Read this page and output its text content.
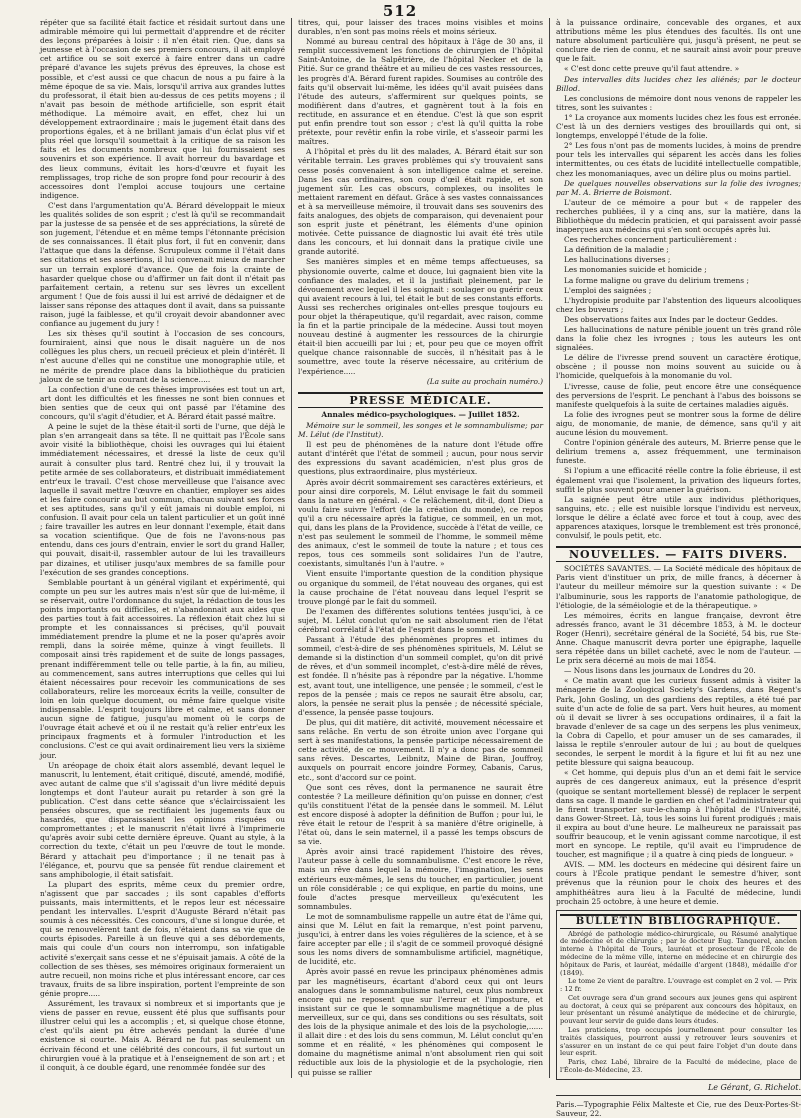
512

répéter que sa facilité était factice et résidait surtout dans une admirable mémoire qui lui permettait d'apprendre et de réciter des leçons préparées à loisir : il n'en était rien. Que, dans sa jeunesse et à l'occasion de ses premiers concours, il ait employé cet artifice ou se soit exercé à faire entrer dans un cadre préparé d'avance les sujets prévus des épreuves, la chose est possible, et c'est aussi ce que chacun de nous a pu faire à la même époque de sa vie. Mais, lorsqu'il arriva aux grandes luttes du professorat, il était bien au-dessus de ces petits moyens ; il n'avait pas besoin de méthode artificielle, son esprit était méthodique. La mémoire avait, en effet, chez lui un développement extraordinaire ; mais le jugement était dans des proportions égales, et à ne brillant jamais d'un éclat plus vif et plus réel que lorsqu'il soumettait à la critique de sa raison les faits et les documents nombreux que lui fournissaient ses souvenirs et son expérience. Il avait horreur du bavardage et des lieux communs, évitait les hors-d'œuvre et fuyait les remplissages, trop riche de son propre fond pour recourir à des accessoires dont l'emploi accuse toujours une certaine indigence.

C'est dans l'argumentation qu'A. Bérard développait le mieux les qualités solides de son esprit ; c'est là qu'il se recommandait par la justesse de sa pensée et de ses appréciations, la sûreté de son jugement, l'étendue et en même temps l'étonnante précision de ses connaissances. Il était plus fort, il fut en convenir, dans l'attaque que dans la défense. Scrupuleux comme il l'était dans ses citations et ses assertions, il lui convenait mieux de marcher sur un terrain exploré d'avance. Que de fois la crainte de hasarder quelque chose ou d'affirmer un fait dont il n'était pas parfaitement certain, a retenu sur ses lèvres un excellent argument ! Que de fois aussi il lui est arrivé de dédaigner et de laisser sans réponse des attaques dont il avait, dans sa puissante raison, jugé la faiblesse, et qu'il croyait devoir abandonner avec confiance au jugement du jury !

Les six thèses qu'il soutint à l'occasion de ses concours, fourniraient, ainsi que nous le disait naguère un de nos collègues les plus chers, un recueil précieux et plein d'intérêt. Il n'est aucune d'elles qui ne constitue une monographie utile, et ne mérite de prendre place dans la bibliothèque du praticien jaloux de se tenir au courant de la science.....

La confection d'une de ces thèses improvisées est tout un art, art dont les difficultés et les finesses ne sont bien connues et bien senties que de ceux qui ont passé par l'étamine des concours, qu'il s'agit d'étudier, et A. Bérard était passé maître.

A peine le sujet de la thèse était-il sorti de l'urne, que déjà le plan s'en arrangeait dans sa tête. Il ne quittait pas l'École sans avoir visité la bibliothèque, choisi les ouvrages qui lui étaient immédiatement nécessaires, et dressé la liste de ceux qu'il aurait à consulter plus tard. Rentré chez lui, il y trouvait la petite armée de ses collaborateurs, et distribuait immédiatement entr'eux le travail. C'est chose merveilleuse que l'aisance avec laquelle il savait mettre l'œuvre en chantier, employer ses aides et les faire concourir au but commun, chacun suivant ses forces et ses aptitudes, sans qu'il y eût jamais ni double emploi, ni confusion. Il avait pour cela un talent particulier et un goût inné ; faire travailler les autres en leur donnant l'exemple, était dans sa vocation scientifique. Que de fois ne l'avons-nous pas entendu, dans ces jours d'entrain, envier le sort du grand Haller, qui pouvait, disait-il, rassembler autour de lui les travailleurs par dizaines, et utiliser jusqu'aux membres de sa famille pour l'exécution de ses grandes conceptions.

Semblable pourtant à un général vigilant et expérimenté, qui compte un peu sur les autres mais n'est sûr que de lui-même, il se réservait, outre l'ordonnance du sujet, la rédaction de tous les points importants ou difficiles, et n'abandonnait aux aides que des parties tout à fait accessoires. La réflexion était chez lui si prompte et les connaissances si précises, qu'il pouvait immédiatement prendre la plume et ne la poser qu'après avoir rempli, dans la soirée même, quinze à vingt feuillets. Il composait ainsi très rapidement et de suite de longs passages, prenant indifféremment telle ou telle partie, à la fin, au milieu, au commencement, sans autres interruptions que celles qui lui étaient nécessaires pour recevoir les communications de ses collaborateurs, relire les morceaux écrits la veille, consulter de loin en loin quelque document, ou même faire quelque visite indispensable. L'esprit toujours libre et calme, et sans donner aucun signe de fatigue, jusqu'au moment où le corps de l'ouvrage était achevé et où il ne restait qu'à relier entr'eux les principaux fragments et à formuler l'introduction et les conclusions. C'est ce qui avait ordinairement lieu vers la sixième jour.

Un aréopage de choix était alors assemblé, devant lequel le manuscrit, lu lentement, était critiqué, discuté, amendé, modifié, avec autant de calme que s'il s'agissait d'un livre médité depuis longtemps et dont l'auteur aurait pu retarder à son gré la publication. C'est dans cette séance que s'éclaircissaient les pensées obscures, que se rectifiaient les jugements faux ou hasardés, que disparaissaient les opinions risquées ou compromettantes ; et le manuscrit n'était livré à l'imprimerie qu'après avoir subi cette dernière épreuve. Quant au style, à la correction du texte, c'était un peu l'œuvre de tout le monde. Bérard y attachait peu d'importance ; il ne tenait pas à l'élégance, et, pourvu que sa pensée fût rendue clairement et sans amphibologie, il était satisfait.

La plupart des esprits, même ceux du premier ordre, n'agissent que par saccades ; ils sont capables d'efforts puissants, mais intermittents, et le repos leur est nécessaire pendant les intervalles. L'esprit d'Auguste Bérard n'était pas soumis à ces nécessités. Ces concours, d'une si longue durée, et qui se renouvelèrent tant de fois, n'étaient dans sa vie que de courts épisodes. Pareille à un fleuve qui a ses débordements, mais qui coule d'un cours non interrompu, son infatigable activité s'exerçait sans cesse et ne s'épuisait jamais. A côté de la collection de ses thèses, ses mémoires originaux formeraient un autre recueil, non moins riche et plus intéressant encore, car ces travaux, fruits de sa libre inspiration, portent l'empreinte de son génie propre.....

Assurément, les travaux si nombreux et si importants que je viens de passer en revue, eussent été plus que suffisants pour illustrer celui qui les a accomplis ; et, si quelque chose étonne, c'est qu'ils aient pu être achevés pendant la durée d'une existence si courte. Mais A. Bérard ne fut pas seulement un écrivain fécond et une célébrité des concours, il fut surtout un chirurgien voué à la pratique et à l'enseignement de son art ; et il conquit, à ce double égard, une renommée fondée sur des

titres, qui, pour laisser des traces moins visibles et moins durables, n'en sont pas moins réels et moins sérieux.

Nommé au bureau central des hôpitaux à l'âge de 30 ans, il remplit successivement les fonctions de chirurgien de l'hôpital Saint-Antoine, de la Salpêtrière, de l'hôpital Necker et de la Pitié. Sur ce grand théâtre et au milieu de ces vastes ressources, les progrès d'A. Bérard furent rapides. Soumises au contrôle des faits qu'il observait lui-même, les idées qu'il avait puisées dans l'étude des auteurs, s'affermirent sur quelques points, se modifièrent dans d'autres, et gagnèrent tout à la fois en rectitude, en assurance et en étendue. C'est là que son esprit put enfin prendre tout son essor ; c'est là qu'il quitta la robe prétexte, pour revêtir enfin la robe virile, et s'asseoir parmi les maîtres.

A l'hôpital et près du lit des malades, A. Bérard était sur son véritable terrain. Les graves problèmes qui s'y trouvaient sans cesse posés convenaient à son intelligence calme et sereine. Dans les cas ordinaires, son coup d'œil était rapide, et son jugement sûr. Les cas obscurs, complexes, ou insolites le mettaient rarement en défaut. Grâce à ses vastes connaissances et à sa merveilleuse mémoire, il trouvait dans ses souvenirs des faits analogues, des objets de comparaison, qui devenaient pour son esprit juste et pénétrant, les éléments d'une opinion motivée. Cette puissance de diagnostic lui avait été très utile dans les concours, et lui donnait dans la pratique civile une grande autorité.

Ses manières simples et en même temps affectueuses, sa physionomie ouverte, calme et douce, lui gagnaient bien vite la confiance des malades, et il la justifiait pleinement, par le dévouement avec lequel il les soignait : soulager ou guérir ceux qui avaient recours à lui, tel était le but de ses constants efforts. Aussi ses recherches originales ont-elles presque toujours eu pour objet la thérapeutique, qu'il regardait, avec raison, comme la fin et la partie principale de la médecine. Aussi tout moyen nouveau destiné à augmenter les ressources de la chirurgie était-il bien accueilli par lui ; et, pour peu que ce moyen offrît quelque chance raisonnable de succès, il n'hésitait pas à le soumettre, avec toute la réserve nécessaire, au critérium de l'expérience.....

(La suite au prochain numéro.)
PRESSE MÉDICALE.
Annales médico-psychologiques. — Juillet 1852.

Mémoire sur le sommeil, les songes et le somnambulisme; par M. Lélut (de l'Institut).

Il est peu de phénomènes de la nature dont l'étude offre autant d'intérêt que l'état de sommeil ; aucun, pour nous servir des expressions du savant académicien, n'est plus gros de questions, plus extraordinaire, plus mystérieux.

Après avoir décrit sommairement ses caractères extérieurs, et pour ainsi dire corporels, M. Lélut envisage le fait du sommeil dans la nature en général. « Ce relâchement, dit-il, dont Dieu a voulu faire suivre l'effort (de la création du monde), ce repos qu'il a cru nécessaire après la fatigue, ce sommeil, en un mot, qui, dans les plans de la Providence, succède à l'état de veille, ce n'est pas seulement le sommeil de l'homme, le sommeil même des animaux, c'est le sommeil de toute la nature ; et tous ces repos, tous ces sommeils sont solidaires l'un de l'autre, coexistants, simultanés l'un à l'autre. »

Vient ensuite l'importante question de la condition physique ou organique du sommeil, de l'état nouveau des organes, qui est la cause prochaine de l'état nouveau dans lequel l'esprit se trouve plongé par le fait du sommeil.

De l'examen des différentes solutions tentées jusqu'ici, à ce sujet, M. Lélut conclut qu'on ne sait absolument rien de l'état cérébral corrélatif à l'état de l'esprit dans le sommeil.

Passant à l'étude des phénomènes propres et intimes du sommeil, c'est-à-dire de ses phénomènes spirituels, M. Lélut se demande si la distinction d'un sommeil complet, qu'on dit privé de rêves, et d'un sommeil incomplet, c'est-à-dire mêlé de rêves, est fondée. Il n'hésite pas à répondre par la négative. L'homme est, avant tout, une intelligence, une pensée ; le sommeil, c'est le repos de la pensée ; mais ce repos ne saurait être absolu, car, alors, la pensée ne serait plus la pensée ; de nécessité spéciale, d'essence, la pensée passe toujours.

De plus, qui dit matière, dit activité, mouvement nécessaire et sans relâche. En vertu de son étroite union avec l'organe qui sert à ses manifestations, la pensée participe nécessairement de cette activité, de ce mouvement. Il n'y a donc pas de sommeil sans rêves. Descartes, Leibnitz, Maine de Biran, Jouffroy, auxquels on pourrait encore joindre Formey, Cabanis, Carus, etc., sont d'accord sur ce point.

Que sont ces rêves, dont la permanence ne saurait être contestée ? La meilleure définition qu'on puisse en donner, c'est qu'ils constituent l'état de la pensée dans le sommeil. M. Lélut est encore disposé à adopter la définition de Buffon ; pour lui, le rêve était le retour de l'esprit à sa manière d'être originelle, à l'état où, dans le sein maternel, il a passé les temps obscurs de sa vie.

Après avoir ainsi tracé rapidement l'histoire des rêves, l'auteur passe à celle du somnambulisme. C'est encore le rêve, mais un rêve dans lequel la mémoire, l'imagination, les sens extérieurs eux-mêmes, le sens du toucher, en particulier, jouent un rôle considérable ; ce qui explique, en partie du moins, une foule d'actes presque merveilleux qu'exécutent les somnambules.

Le mot de somnambulisme rappelle un autre état de l'âme qui, ainsi que M. Lélut en fait la remarque, n'est point parvenu, jusqu'ici, à entrer dans les voies régulières de la science, et à se faire accepter par elle ; il s'agit de ce sommeil provoqué désigné sous les noms divers de somnambulisme artificiel, magnétique, de lucidité, etc.

Après avoir passé en revue les principaux phénomènes admis par les magnétiseurs, écartant d'abord ceux qui ont leurs analogues dans le somnambulisme naturel, ceux plus nombreux encore qui ne reposent que sur l'erreur et l'imposture, et insistant sur ce que le somnambulisme magnétique a de plus merveilleux, sur ce qui, dans ses conditions ou ses résultats, soit des lois de la physique animale et des lois de la psychologie,...... il allait dire : et des lois du sens commun, M. Lélut conclut qu'en somme et en réalité, « les phénomènes qui composent le domaine du magnétisme animal n'ont absolument rien qui soit réductible aux lois de la physiologie et de la psychologie, rien qui puisse se rallier

à la puissance ordinaire, concevable des organes, et aux attributions même les plus étendues des facultés. Ils ont une nature absolument particulière qui, jusqu'à présent, ne peut se conclure de rien de connu, et ne saurait ainsi avoir pour preuve que le fait.

« C'est donc cette preuve qu'il faut attendre. »

Des intervalles dits lucides chez les aliénés; par le docteur Billod.

Les conclusions de mémoire dont nous venons de rappeler les titres, sont les suivantes :

1° La croyance aux moments lucides chez les fous est erronée. C'est là un des derniers vestiges des brouillards qui ont, si longtemps, enveloppé l'étude de la folie.

2° Les fous n'ont pas de moments lucides, à moins de prendre pour tels les intervalles qui séparent les accès dans les folies intermittentes, ou ces états de lucidité intellectuelle compatible, chez les monomaniaques, avec un délire plus ou moins partiel.

De quelques nouvelles observations sur la folie des ivrognes; par M. A. Brierre de Boismont.

L'auteur de ce mémoire a pour but « de rappeler des recherches publiées, il y a cinq ans, sur la matière, dans la Bibliothèque du médecin praticien, et qui paraissent avoir passé inaperçues aux médecins qui s'en sont occupés après lui.

Ces recherches concernent particulièrement :

La définition de la maladie ;

Les hallucinations diverses ;

Les monomanies suicide et homicide ;

La forme maligne ou grave du delirium tremens ;

L'emploi des saignées ;

L'hydropisie produite par l'abstention des liqueurs alcooliques chez les buveurs ;

Des observations faites aux Indes par le docteur Geddes.

Les hallucinations de nature pénible jouent un très grand rôle dans la folie chez les ivrognes ; tous les auteurs les ont signalées.

Le délire de l'ivresse prend souvent un caractère érotique, obscène ; il pousse non moins souvent au suicide ou à l'homicide, quelquefois à la monomanie du vol.

L'ivresse, cause de folie, peut encore être une conséquence des perversions de l'esprit. Le penchant à l'abus des boissons se manifeste quelquefois à la suite de certaines maladies aiguës.

La folie des ivrognes peut se montrer sous la forme de délire aigu, de monomanie, de manie, de démence, sans qu'il y ait aucune lésion du mouvement.

Contre l'opinion générale des auteurs, M. Brierre pense que le delirium tremens a, assez fréquemment, une terminaison funeste.

Si l'opium a une efficacité réelle contre la folie ébrieuse, il est également vrai que l'isolement, la privation des liqueurs fortes, suffit le plus souvent pour amener la guérison.

La saignée peut être utile aux individus pléthoriques, sanguins, etc. ; elle est nuisible lorsque l'individu est nerveux, lorsque le délire a éclaté avec force et tout à coup, avec des apparences ataxiques, lorsque le tremblement est très prononcé, convulsif, le pouls petit, etc.

NOUVELLES. — FAITS DIVERS.

SOCIÉTÉS SAVANTES. — La Société médicale des hôpitaux de Paris vient d'instituer un prix, de mille francs, à décerner à l'auteur du meilleur mémoire sur la question suivante : « De l'albuminurie, sous les rapports de l'anatomie pathologique, de l'étiologie, de la séméiologie et de la thérapeutique. »

Les mémoires, écrits en langue française, devront être adressés franco, avant le 31 décembre 1853, à M. le docteur Roger (Henri), secrétaire général de la Société, 54 bis, rue Ste-Anne. Chaque manuscrit devra porter une épigraphe, laquelle sera répétée dans un billet cacheté, avec le nom de l'auteur. — Le prix sera décerné au mois de mai 1854.

— Nous lisons dans les journaux de Londres du 20.

« Ce matin avant que les curieux fussent admis à visiter la ménagerie de la Zoological Society's Gardens, dans Regent's Park, John Gosling, un des gardiens des reptiles, a été tué par suite d'un acte de folie de sa part. Vers huit heures, au moment où il devait se livrer à ses occupations ordinaires, il a fait la bravade d'enlever de sa cage un des serpens les plus venimeux, la Cobra di Capello, et pour amuser un de ses camarades, il laissa le reptile s'enrouler autour de lui ; au bout de quelques secondes, le serpent le mordit à la figure et lui fit au nez une petite blessure qui saigna beaucoup.

« Cet homme, qui depuis plus d'un an et demi fait le service auprès de ces dangereux animaux, eut la présence d'esprit (quoique se sentant mortellement blessé) de replacer le serpent dans sa cage. Il mande le gardien en chef et l'administrateur qui le firent transporter sur-le-champ à l'hôpital de l'Université, dans Gower-Street. Là, tous les soins lui furent prodigués ; mais il expira au bout d'une heure. Le malheureux ne paraissait pas souffrir beaucoup, et le venin agissant comme narcotique, il est mort en syncope. Le reptile, qu'il avait eu l'imprudence de toucher, est magnifique ; il a quatre à cinq pieds de longueur. »

AVIS. — MM. les docteurs en médecine qui désirent faire un cours à l'École pratique pendant le semestre d'hiver, sont prévenus que la réunion pour le choix des heures et des amphithéâtres aura lieu à la Faculté de médecine, lundi prochain 25 octobre, à une heure et demie.

BULLETIN BIBLIOGRAPHIQUE.

Abrégé de pathologie médico-chirurgicale, ou Résumé analytique de médecine et de chirurgie ; par le docteur Eug. Tanquerel, ancien interne à l'hôpital de Tours, lauréat et prosecteur de l'École de médecine de la même ville, interne en médecine et en chirurgie des hôpitaux de Paris, et lauréat, médaille d'argent (1848), médaille d'or (1849).

Le tome 2e vient de paraître. L'ouvrage est complet en 2 vol. — Prix : 12 fr.

Cet ouvrage sera d'un grand secours aux jeunes gens qui aspirent au doctorat, à ceux qui se préparent aux concours des hôpitaux, en leur présentant un résumé analytique de médecine et de chirurgie, pouvant leur servir de guide dans leurs études.

Les praticiens, trop occupés journellement pour consulter les traités classiques, pourront aussi y retrouver leurs souvenirs et s'assurer en un instant de ce qui peut faire l'objet d'un doute dans leur esprit.

Paris, chez Labé, libraire de la Faculté de médecine, place de l'École-de-Médecine, 23.

Le Gérant, G. Richelot.
Paris.—Typographie Félix Malteste et Cie, rue des Deux-Portes-St-Sauveur, 22.
